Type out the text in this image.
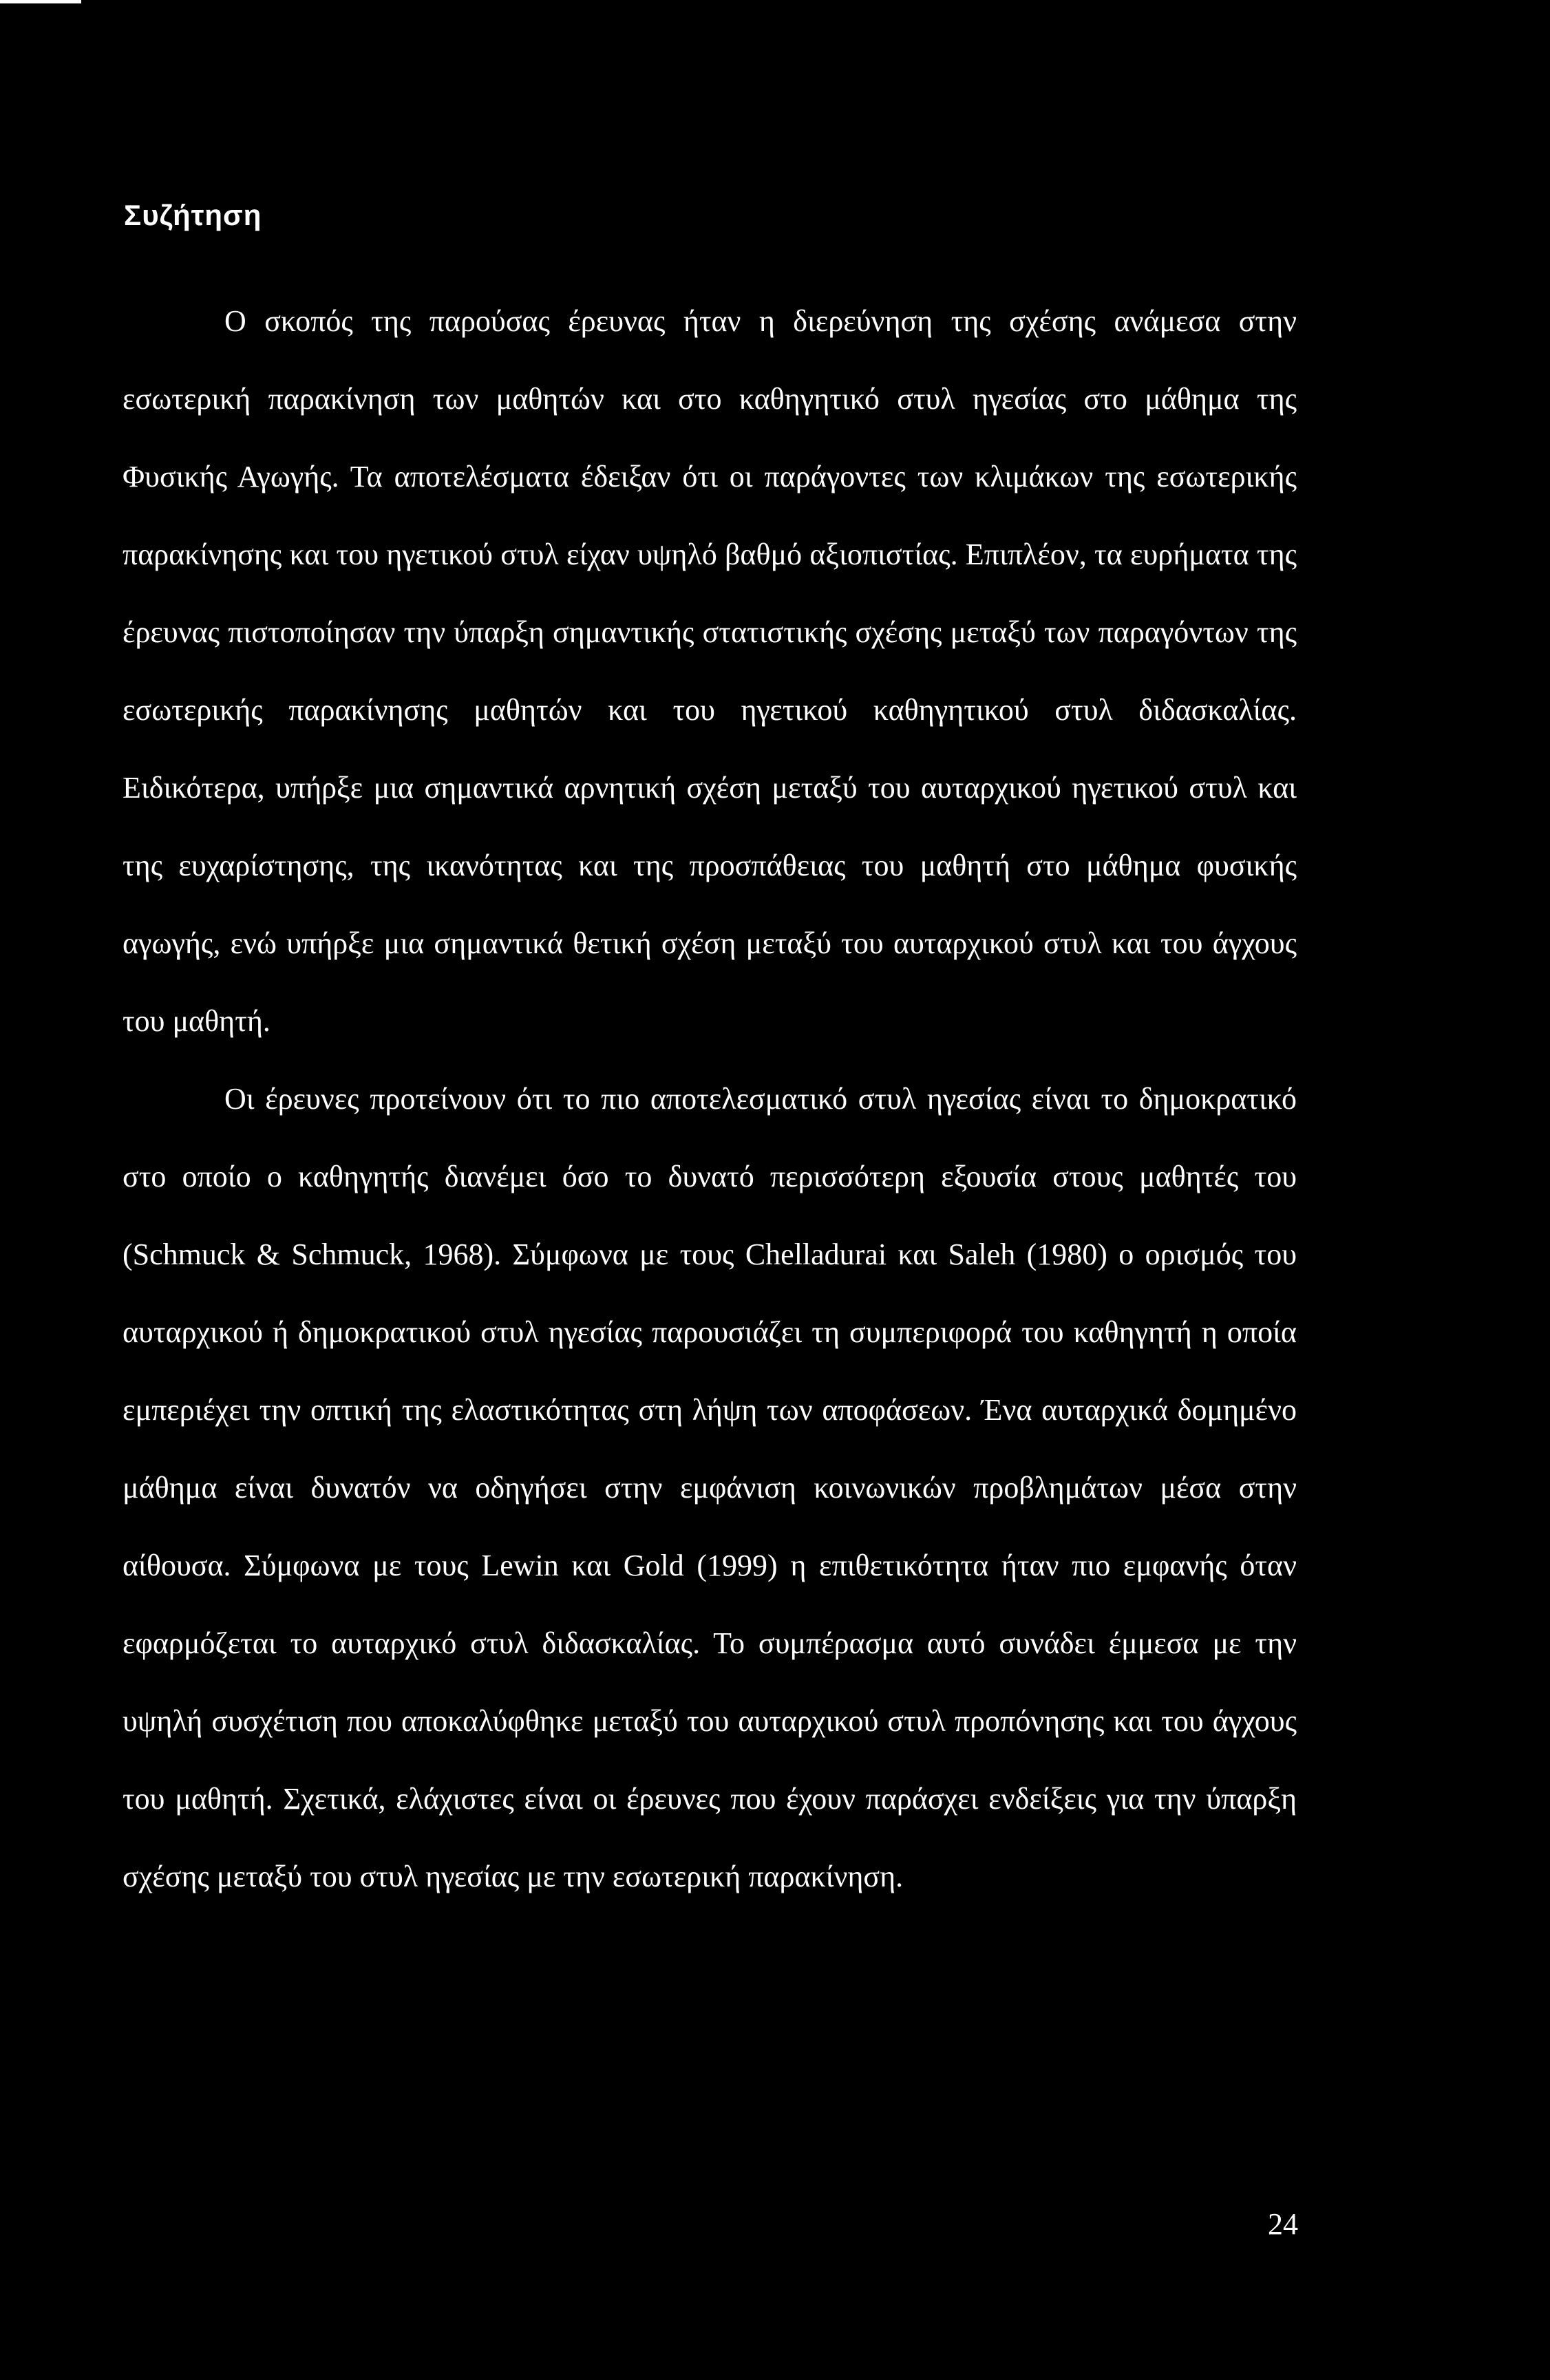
Συζήτηση

Ο σκοπός της παρούσας έρευνας ήταν η διερεύνηση της σχέσης ανάμεσα στην εσωτερική παρακίνηση των μαθητών και στο καθηγητικό στυλ ηγεσίας στο μάθημα της Φυσικής Αγωγής. Τα αποτελέσματα έδειξαν ότι οι παράγοντες των κλιμάκων της εσωτερικής παρακίνησης και του ηγετικού στυλ είχαν υψηλό βαθμό αξιοπιστίας. Επιπλέον, τα ευρήματα της έρευνας πιστοποίησαν την ύπαρξη σημαντικής στατιστικής σχέσης μεταξύ των παραγόντων της εσωτερικής παρακίνησης μαθητών και του ηγετικού καθηγητικού στυλ διδασκαλίας. Ειδικότερα, υπήρξε μια σημαντικά αρνητική σχέση μεταξύ του αυταρχικού ηγετικού στυλ και της ευχαρίστησης, της ικανότητας και της προσπάθειας του μαθητή στο μάθημα φυσικής αγωγής, ενώ υπήρξε μια σημαντικά θετική σχέση μεταξύ του αυταρχικού στυλ και του άγχους του μαθητή.

Οι έρευνες προτείνουν ότι το πιο αποτελεσματικό στυλ ηγεσίας είναι το δημοκρατικό στο οποίο ο καθηγητής διανέμει όσο το δυνατό περισσότερη εξουσία στους μαθητές του (Schmuck & Schmuck, 1968). Σύμφωνα με τους Chelladurai και Saleh (1980) ο ορισμός του αυταρχικού ή δημοκρατικού στυλ ηγεσίας παρουσιάζει τη συμπεριφορά του καθηγητή η οποία εμπεριέχει την οπτική της ελαστικότητας στη λήψη των αποφάσεων. Ένα αυταρχικά δομημένο μάθημα είναι δυνατόν να οδηγήσει στην εμφάνιση κοινωνικών προβλημάτων μέσα στην αίθουσα. Σύμφωνα με τους Lewin και Gold (1999) η επιθετικότητα ήταν πιο εμφανής όταν εφαρμόζεται το αυταρχικό στυλ διδασκαλίας. Το συμπέρασμα αυτό συνάδει έμμεσα με την υψηλή συσχέτιση που αποκαλύφθηκε μεταξύ του αυταρχικού στυλ προπόνησης και του άγχους του μαθητή. Σχετικά, ελάχιστες είναι οι έρευνες που έχουν παράσχει ενδείξεις για την ύπαρξη σχέσης μεταξύ του στυλ ηγεσίας με την εσωτερική παρακίνηση.

24
